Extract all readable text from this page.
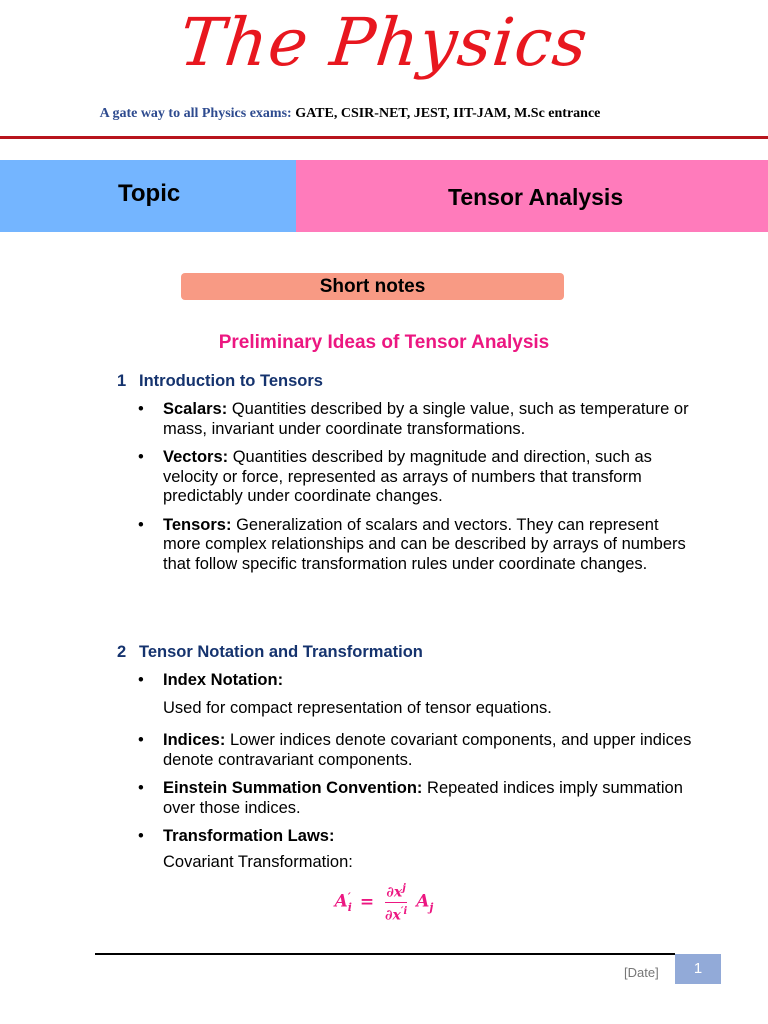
The Physics
A gate way to all Physics exams: GATE, CSIR-NET, JEST, IIT-JAM, M.Sc entrance
Topic	Tensor Analysis
Short notes
Preliminary Ideas of Tensor Analysis
1 Introduction to Tensors
• Scalars: Quantities described by a single value, such as temperature or mass, invariant under coordinate transformations.
• Vectors: Quantities described by magnitude and direction, such as velocity or force, represented as arrays of numbers that transform predictably under coordinate changes.
• Tensors: Generalization of scalars and vectors. They can represent more complex relationships and can be described by arrays of numbers that follow specific transformation rules under coordinate changes.
2 Tensor Notation and Transformation
• Index Notation:
Used for compact representation of tensor equations.
• Indices: Lower indices denote covariant components, and upper indices denote contravariant components.
• Einstein Summation Convention: Repeated indices imply summation over those indices.
• Transformation Laws:
Covariant Transformation:
$A'_i = \frac{\partial x^j}{\partial x^{'i}} A_j$
[Date]	1
